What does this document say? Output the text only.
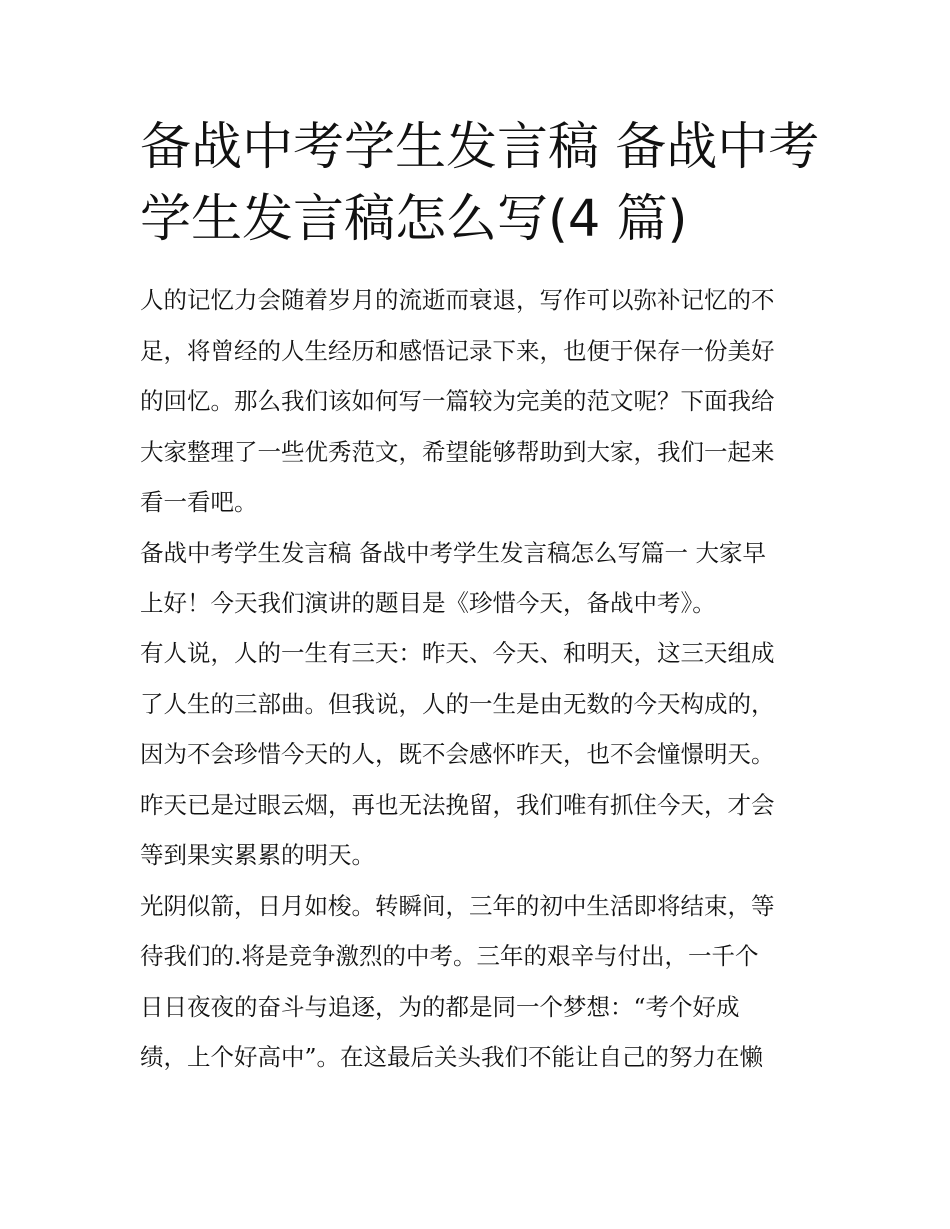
备战中考学生发言稿 备战中考
学生发言稿怎么写(4 篇)
人的记忆力会随着岁月的流逝而衰退，写作可以弥补记忆的不
足，将曾经的人生经历和感悟记录下来，也便于保存一份美好
的回忆。那么我们该如何写一篇较为完美的范文呢？下面我给
大家整理了一些优秀范文，希望能够帮助到大家，我们一起来
看一看吧。
备战中考学生发言稿 备战中考学生发言稿怎么写篇一 大家早
上好！今天我们演讲的题目是《珍惜今天，备战中考》。
有人说，人的一生有三天：昨天、今天、和明天，这三天组成
了人生的三部曲。但我说，人的一生是由无数的今天构成的，
因为不会珍惜今天的人，既不会感怀昨天，也不会憧憬明天。
昨天已是过眼云烟，再也无法挽留，我们唯有抓住今天，才会
等到果实累累的明天。
光阴似箭，日月如梭。转瞬间，三年的初中生活即将结束，等
待我们的.将是竞争激烈的中考。三年的艰辛与付出，一千个
日日夜夜的奋斗与追逐，为的都是同一个梦想：“考个好成
绩，上个好高中”。在这最后关头我们不能让自己的努力在懒
